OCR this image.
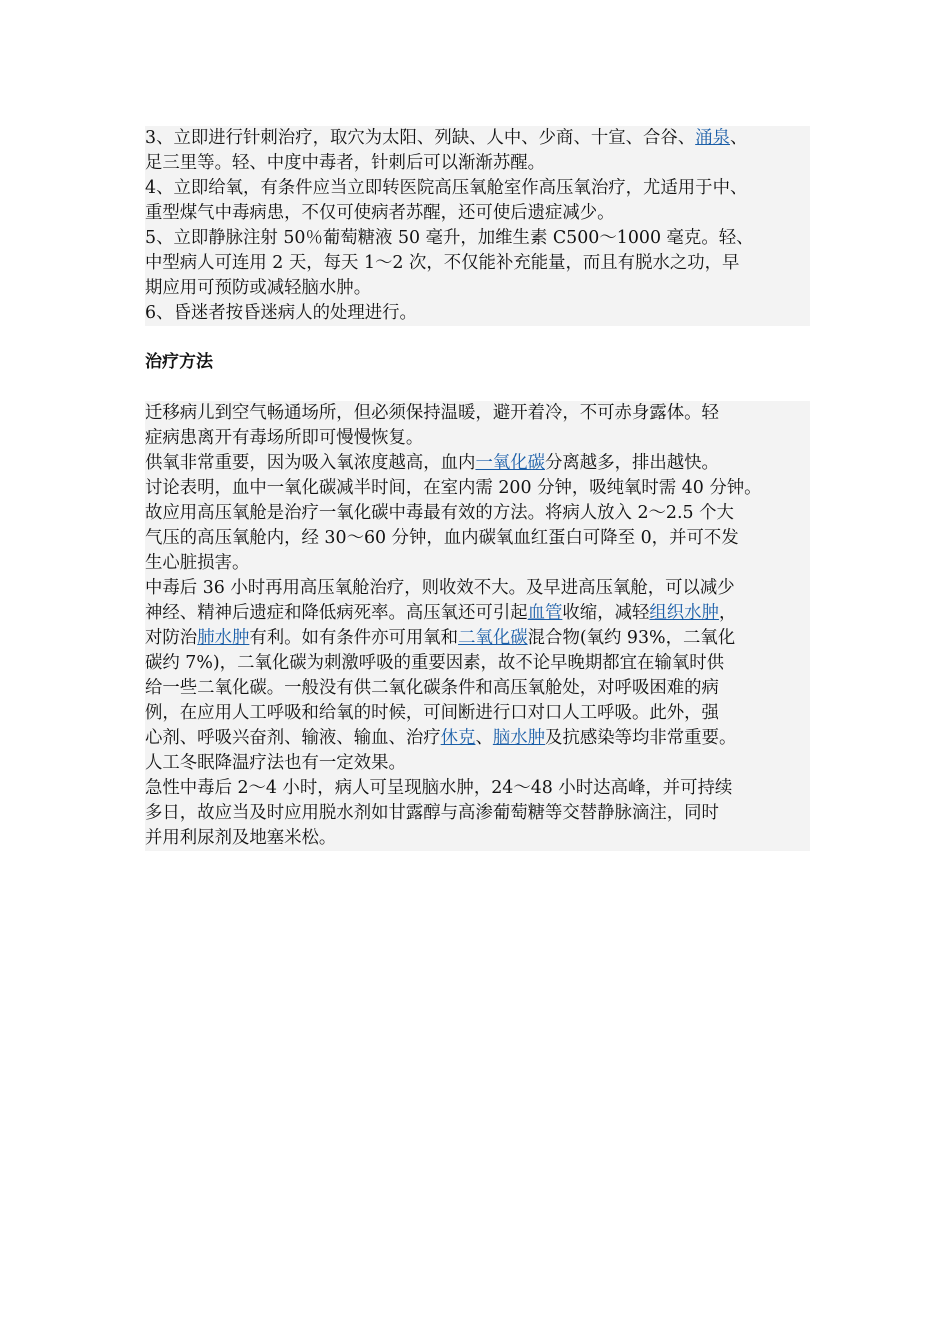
3、立即进行针刺治疗，取穴为太阳、列缺、人中、少商、十宣、合谷、涌泉、
足三里等。轻、中度中毒者，针刺后可以渐渐苏醒。
4、立即给氧，有条件应当立即转医院高压氧舱室作高压氧治疗，尤适用于中、
重型煤气中毒病患，不仅可使病者苏醒，还可使后遗症减少。
5、立即静脉注射 50％葡萄糖液 50 毫升，加维生素 C500～1000 毫克。轻、
中型病人可连用 2 天，每天 1～2 次，不仅能补充能量，而且有脱水之功，早
期应用可预防或减轻脑水肿。
6、昏迷者按昏迷病人的处理进行。
治疗方法
迁移病儿到空气畅通场所，但必须保持温暖，避开着冷，不可赤身露体。轻
症病患离开有毒场所即可慢慢恢复。
供氧非常重要，因为吸入氧浓度越高，血内一氧化碳分离越多，排出越快。
讨论表明，血中一氧化碳减半时间，在室内需 200 分钟，吸纯氧时需 40 分钟。
故应用高压氧舱是治疗一氧化碳中毒最有效的方法。将病人放入 2～2.5 个大
气压的高压氧舱内，经 30～60 分钟，血内碳氧血红蛋白可降至 0，并可不发
生心脏损害。
中毒后 36 小时再用高压氧舱治疗，则收效不大。及早进高压氧舱，可以减少
神经、精神后遗症和降低病死率。高压氧还可引起血管收缩，减轻组织水肿，
对防治肺水肿有利。如有条件亦可用氧和二氧化碳混合物(氧约 93%，二氧化
碳约 7%)，二氧化碳为刺激呼吸的重要因素，故不论早晚期都宜在输氧时供
给一些二氧化碳。一般没有供二氧化碳条件和高压氧舱处，对呼吸困难的病
例，在应用人工呼吸和给氧的时候，可间断进行口对口人工呼吸。此外，强
心剂、呼吸兴奋剂、输液、输血、治疗休克、脑水肿及抗感染等均非常重要。
人工冬眠降温疗法也有一定效果。
急性中毒后 2～4 小时，病人可呈现脑水肿，24～48 小时达高峰，并可持续
多日，故应当及时应用脱水剂如甘露醇与高渗葡萄糖等交替静脉滴注，同时
并用利尿剂及地塞米松。
